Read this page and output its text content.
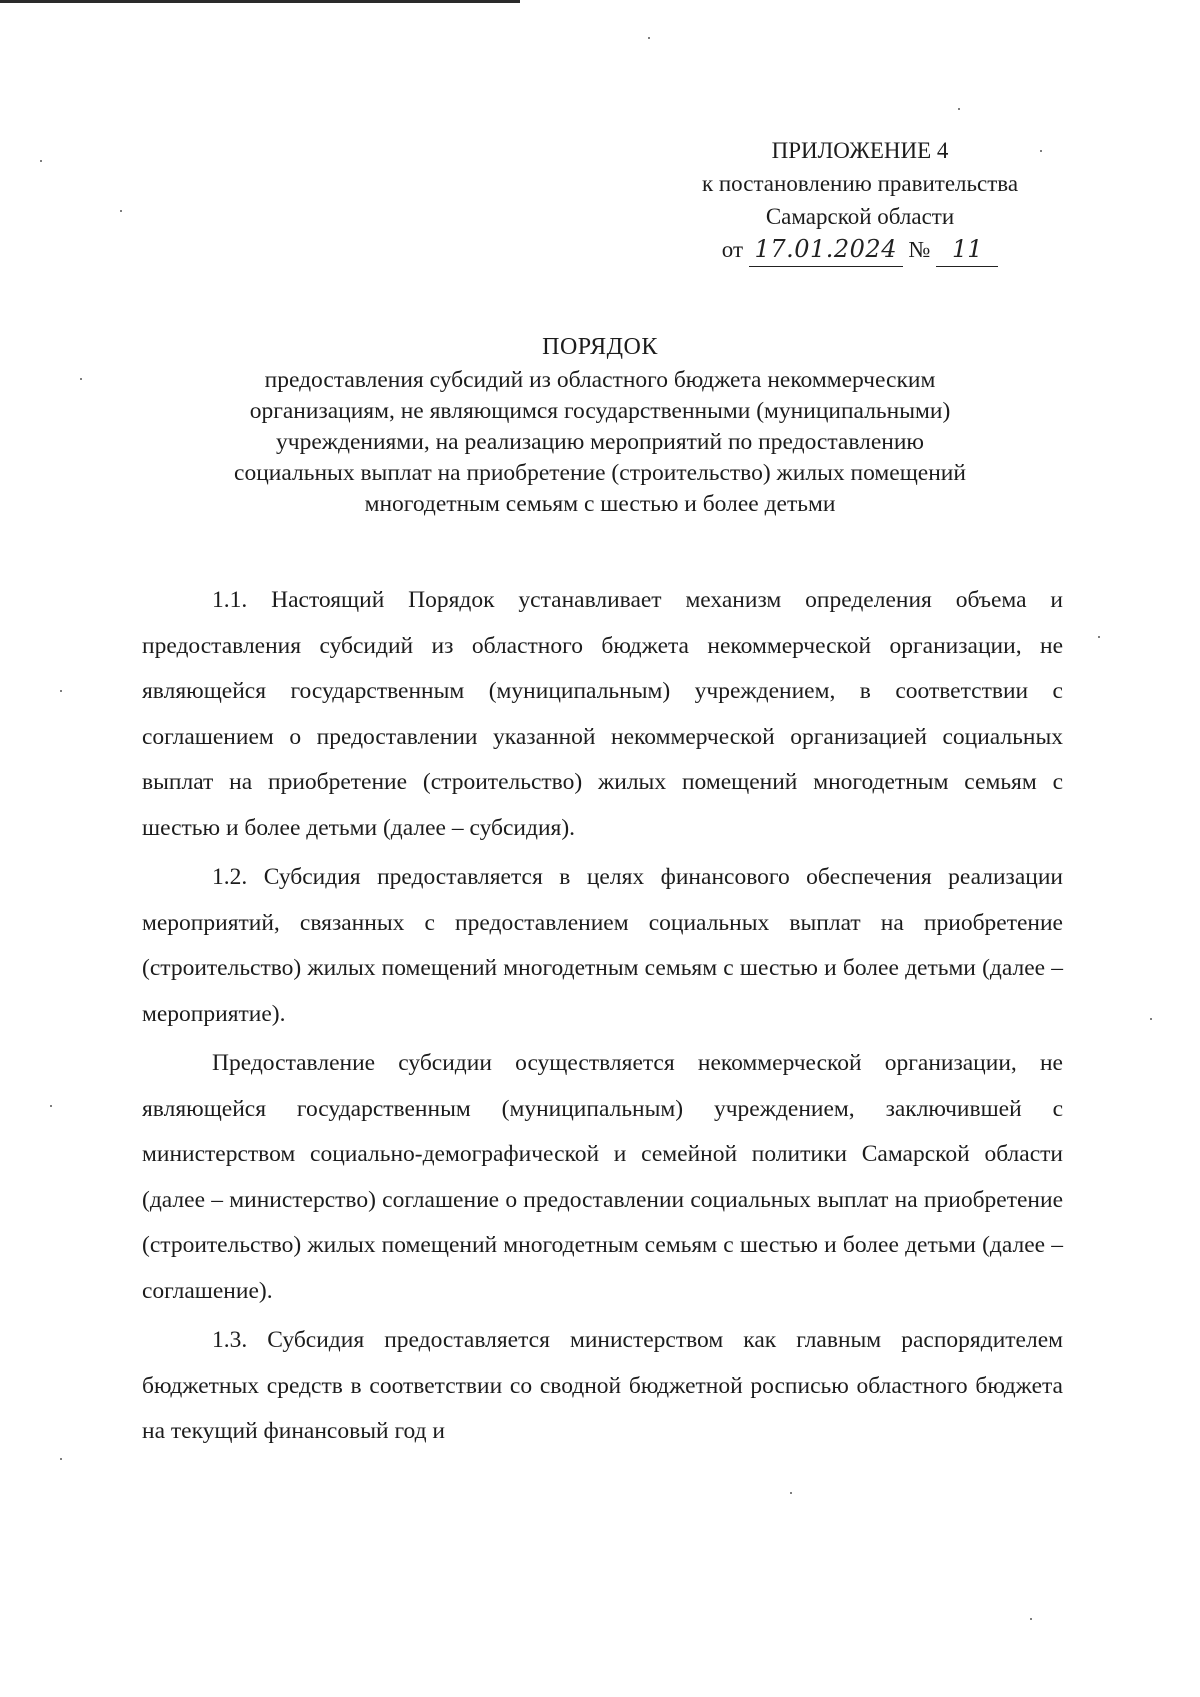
ПРИЛОЖЕНИЕ 4
к постановлению правительства
Самарской области
от 17.01.2024 № 11
ПОРЯДОК
предоставления субсидий из областного бюджета некоммерческим
организациям, не являющимся государственными (муниципальными)
учреждениями, на реализацию мероприятий по предоставлению
социальных выплат на приобретение (строительство) жилых помещений
многодетным семьям с шестью и более детьми

1.1. Настоящий Порядок устанавливает механизм определения объема и предоставления субсидий из областного бюджета некоммерческой организации, не являющейся государственным (муниципальным) учреждением, в соответствии с соглашением о предоставлении указанной некоммерческой организацией социальных выплат на приобретение (строительство) жилых помещений многодетным семьям с шестью и более детьми (далее – субсидия).

1.2. Субсидия предоставляется в целях финансового обеспечения реализации мероприятий, связанных с предоставлением социальных выплат на приобретение (строительство) жилых помещений многодетным семьям с шестью и более детьми (далее – мероприятие).

Предоставление субсидии осуществляется некоммерческой организации, не являющейся государственным (муниципальным) учреждением, заключившей с министерством социально-демографической и семейной политики Самарской области (далее – министерство) соглашение о предоставлении социальных выплат на приобретение (строительство) жилых помещений многодетным семьям с шестью и более детьми (далее – соглашение).

1.3. Субсидия предоставляется министерством как главным распорядителем бюджетных средств в соответствии со сводной бюджетной росписью областного бюджета на текущий финансовый год и
